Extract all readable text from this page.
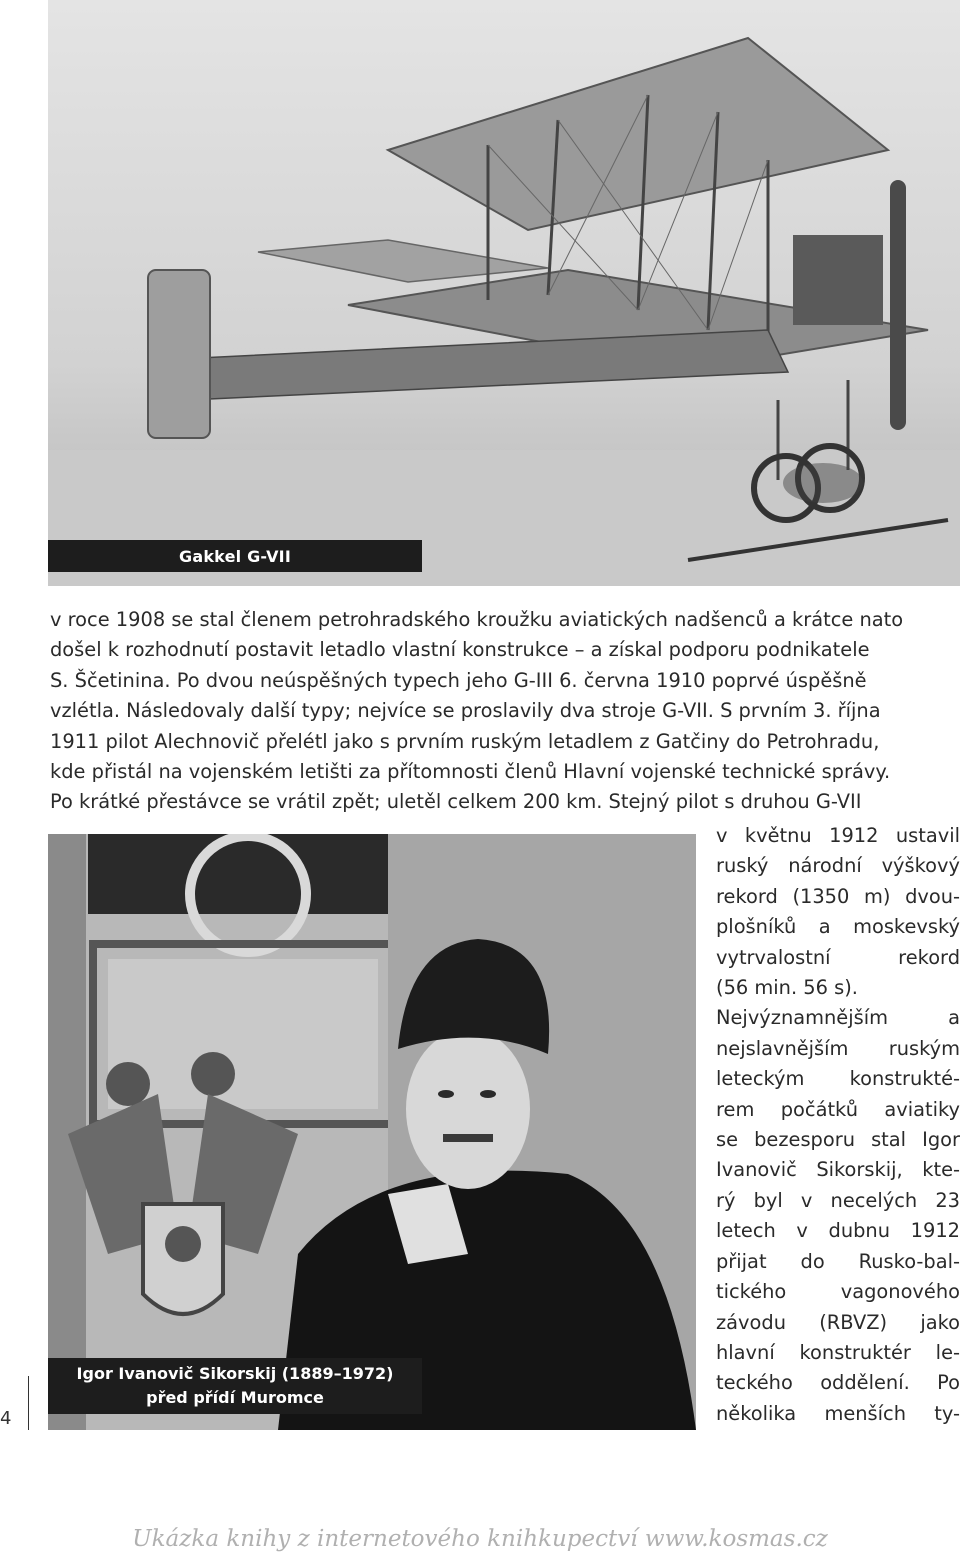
Gakkel G-VII

v roce 1908 se stal členem petrohradského kroužku aviatických nadšenců a krátce nato
došel k rozhodnutí postavit letadlo vlastní konstrukce – a získal podporu podnikatele
S. Ščetinina. Po dvou neúspěšných typech jeho G-III 6. června 1910 poprvé úspěšně
vzlétla. Následovaly další typy; nejvíce se proslavily dva stroje G-VII. S prvním 3. října
1911 pilot Alechnovič přelétl jako s prvním ruským letadlem z Gatčiny do Petrohradu,
kde přistál na vojenském letišti za přítomnosti členů Hlavní vojenské technické správy.
Po krátké přestávce se vrátil zpět; uletěl celkem 200 km. Stejný pilot s druhou G-VII

Igor Ivanovič Sikorskij (1889–1972)
před přídí Muromce

v květnu 1912 ustavil
ruský národní výškový
rekord (1350 m) dvou-
plošníků a moskevský
vytrvalostní rekord
(56 min. 56 s).
Nejvýznamnějším a
nejslavnějším ruským
leteckým konstrukté-
rem počátků aviatiky
se bezesporu stal Igor
Ivanovič Sikorskij, kte-
rý byl v necelých 23
letech v dubnu 1912
přijat do Rusko-bal-
tického vagonového
závodu (RBVZ) jako
hlavní konstruktér le-
teckého oddělení. Po
několika menších ty-

4
Ukázka knihy z internetového knihkupectví www.kosmas.cz
